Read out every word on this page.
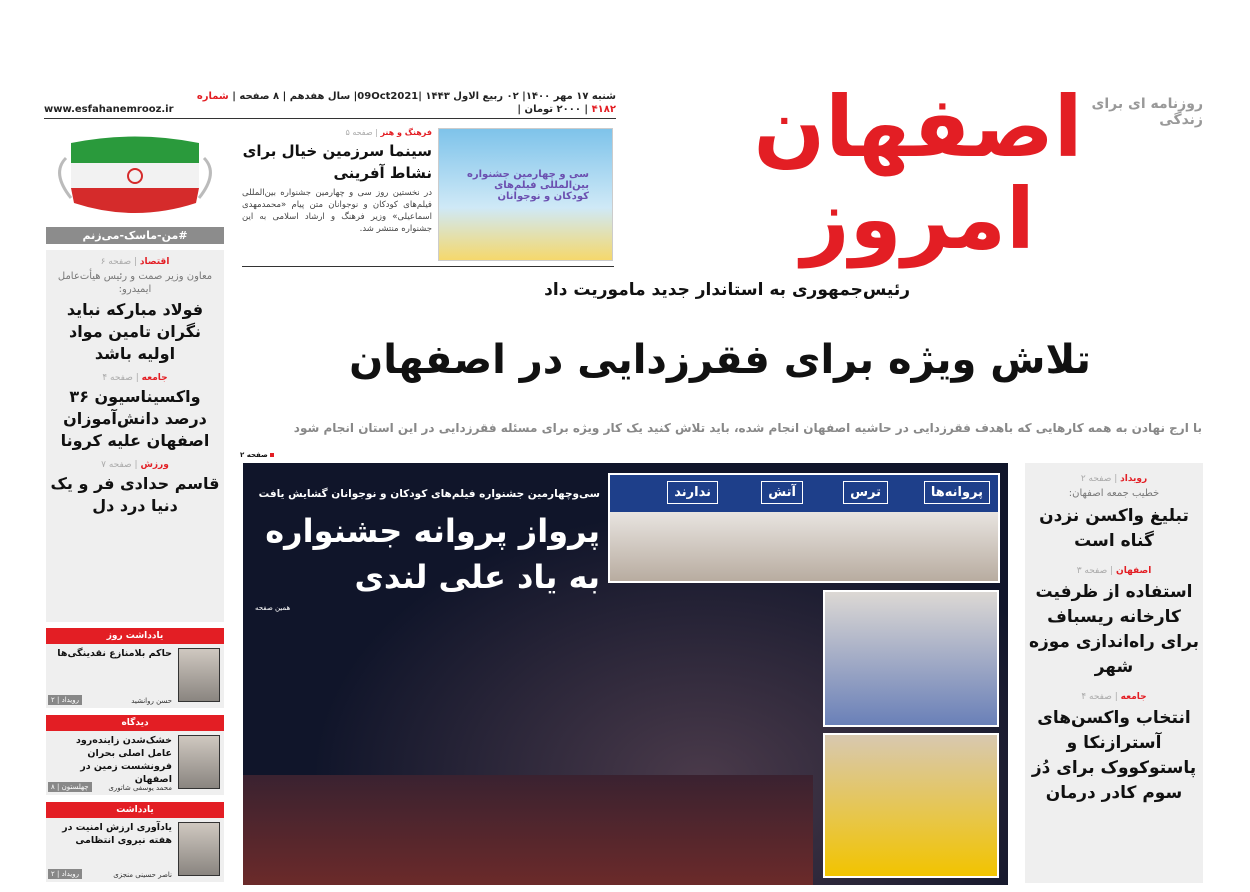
شنبه ۱۷ مهر ۱۴۰۰| ۰۲ ربیع الاول ۱۴۴۳ |09Oct2021| سال هفدهم | ۸ صفحه | شماره ۴۱۸۲ | ۲۰۰۰ تومان |
www.esfahanemrooz.ir	اصفهان امروز
روزنامه ای برای زندگی
#من-ماسک-می‌زنم
اقتصاد | صفحه ۶
معاون وزیر صمت و رئیس هیأت‌عامل ایمیدرو:
فولاد مبارکه نباید نگران تامین مواد اولیه باشد
جامعه | صفحه ۴
واکسیناسیون ۳۶ درصد دانش‌آموزان اصفهان علیه کرونا
ورزش | صفحه ۷
قاسم حدادی فر و یک دنیا درد دل
یادداشت روز
حاکم بلامنازع نقدینگی‌ها
حسن روانشید
رویداد | ۲
دیدگاه
خشک‌شدن زاینده‌رود عامل اصلی بحران فرونشست زمین در اصفهان
محمد یوسفی شاتوری
چهلستون | ۸
یادداشت
یادآوری ارزش امنیت در هفته نیروی انتظامی
ناصر حسینی منجزی
رویداد | ۲
فرهنگ و هنر | صفحه ۵
سینما سرزمین خیال برای نشاط آفرینی

در نخستین روز سی و چهارمین جشنواره بین‌المللی فیلم‌های کودکان و نوجوانان متن پیام «محمدمهدی اسماعیلی» وزیر فرهنگ و ارشاد اسلامی به این جشنواره منتشر شد.

سی و چهارمین جشنواره بین‌المللی فیلم‌های کودکان و نوجوانان
رئیس‌جمهوری به استاندار جدید ماموریت داد
تلاش ویژه برای فقرزدایی در اصفهان
با ارج نهادن به همه کارهایی که باهدف فقرزدایی در حاشیه اصفهان انجام شده، باید تلاش کنید یک کار ویژه برای مسئله فقرزدایی در این استان انجام شود
صفحه ۲
سی‌وچهارمین جشنواره فیلم‌های کودکان و نوجوانان گشایش یافت
پرواز پروانه جشنواره به یاد علی لندی
همین صفحه
پروانه‌ها
ترس
آتش
ندارند
رویداد | صفحه ۲
خطیب جمعه اصفهان:
تبلیغ واکسن نزدن گناه است
اصفهان | صفحه ۳
استفاده از ظرفیت کارخانه ریسباف برای راه‌اندازی موزه شهر
جامعه | صفحه ۴
انتخاب واکسن‌های آسترازنکا و پاستوکووک برای دُز سوم کادر درمان
